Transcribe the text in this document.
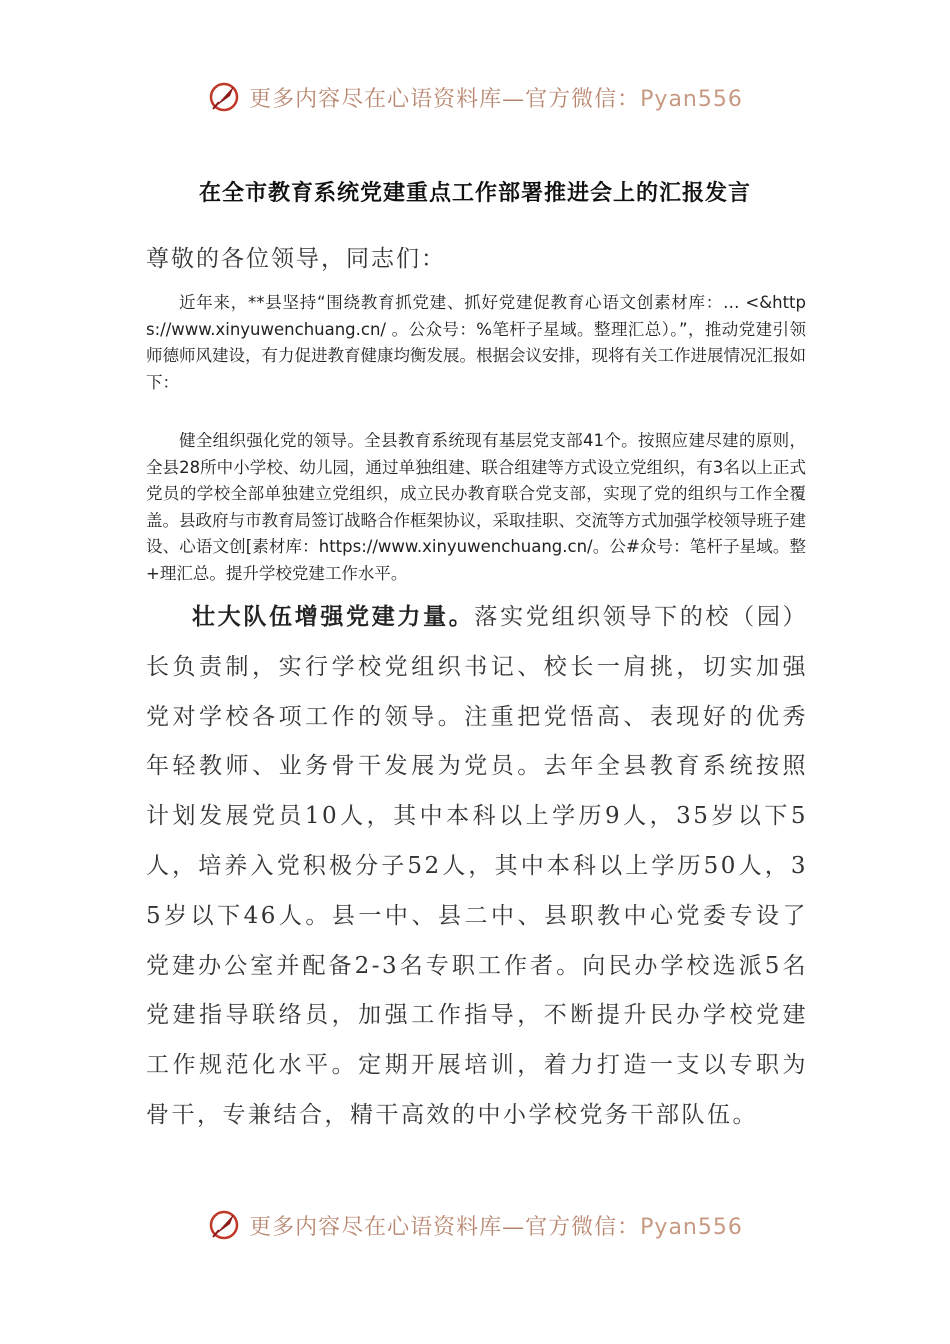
更多内容尽在心语资料库—官方微信：Pyan556
在全市教育系统党建重点工作部署推进会上的汇报发言
尊敬的各位领导，同志们：

近年来，**县坚持“围绕教育抓党建、抓好党建促教育心语文创素材库：… <&https://www.xinyuwenchuang.cn/ 。公众号：%笔杆子星域。整理汇总）。”，推动党建引领师德师风建设，有力促进教育健康均衡发展。根据会议安排，现将有关工作进展情况汇报如下：

健全组织强化党的领导。全县教育系统现有基层党支部41个。按照应建尽建的原则，全县28所中小学校、幼儿园，通过单独组建、联合组建等方式设立党组织，有3名以上正式党员的学校全部单独建立党组织，成立民办教育联合党支部，实现了党的组织与工作全覆盖。县政府与市教育局签订战略合作框架协议，采取挂职、交流等方式加强学校领导班子建设、心语文创[素材库：https://www.xinyuwenchuang.cn/。公#众号：笔杆子星域。整+理汇总。提升学校党建工作水平。

壮大队伍增强党建力量。落实党组织领导下的校（园）长负责制，实行学校党组织书记、校长一肩挑，切实加强党对学校各项工作的领导。注重把党悟高、表现好的优秀年轻教师、业务骨干发展为党员。去年全县教育系统按照计划发展党员10人，其中本科以上学历9人，35岁以下5人，培养入党积极分子52人，其中本科以上学历50人，35岁以下46人。县一中、县二中、县职教中心党委专设了党建办公室并配备2-3名专职工作者。向民办学校选派5名党建指导联络员，加强工作指导，不断提升民办学校党建工作规范化水平。定期开展培训，着力打造一支以专职为骨干，专兼结合，精干高效的中小学校党务干部队伍。

更多内容尽在心语资料库—官方微信：Pyan556
